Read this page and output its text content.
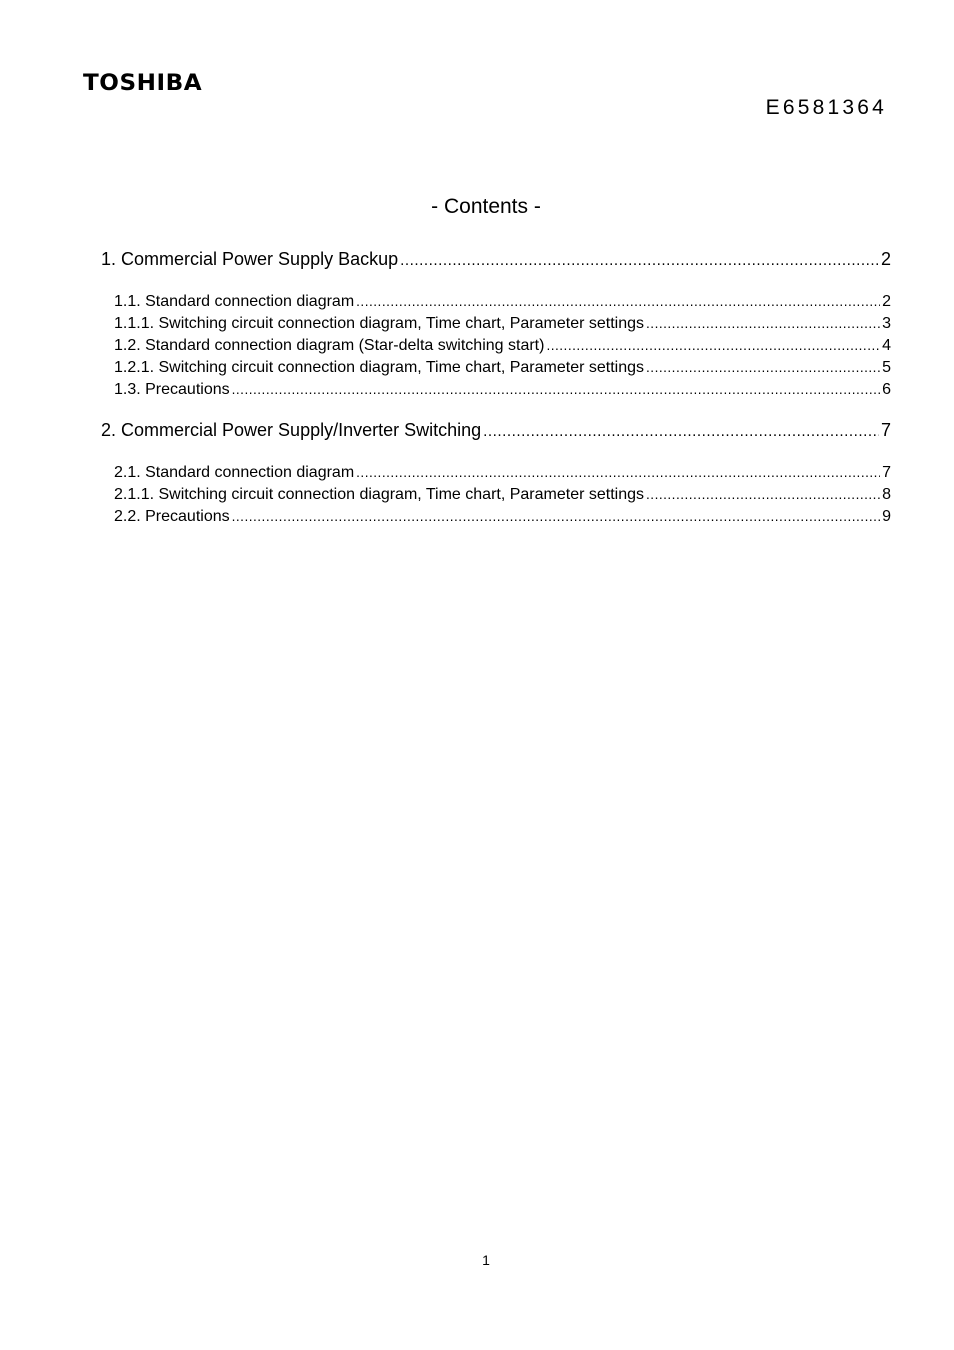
TOSHIBA
E6581364
- Contents -
1. Commercial Power Supply Backup .....	2
1.1. Standard connection diagram .....	2
1.1.1. Switching circuit connection diagram, Time chart, Parameter settings .....	3
1.2. Standard connection diagram (Star-delta switching start) .....	4
1.2.1. Switching circuit connection diagram, Time chart, Parameter settings .....	5
1.3. Precautions .....	6
2. Commercial Power Supply/Inverter Switching .....	7
2.1. Standard connection diagram .....	7
2.1.1. Switching circuit connection diagram, Time chart, Parameter settings .....	8
2.2. Precautions .....	9
1
